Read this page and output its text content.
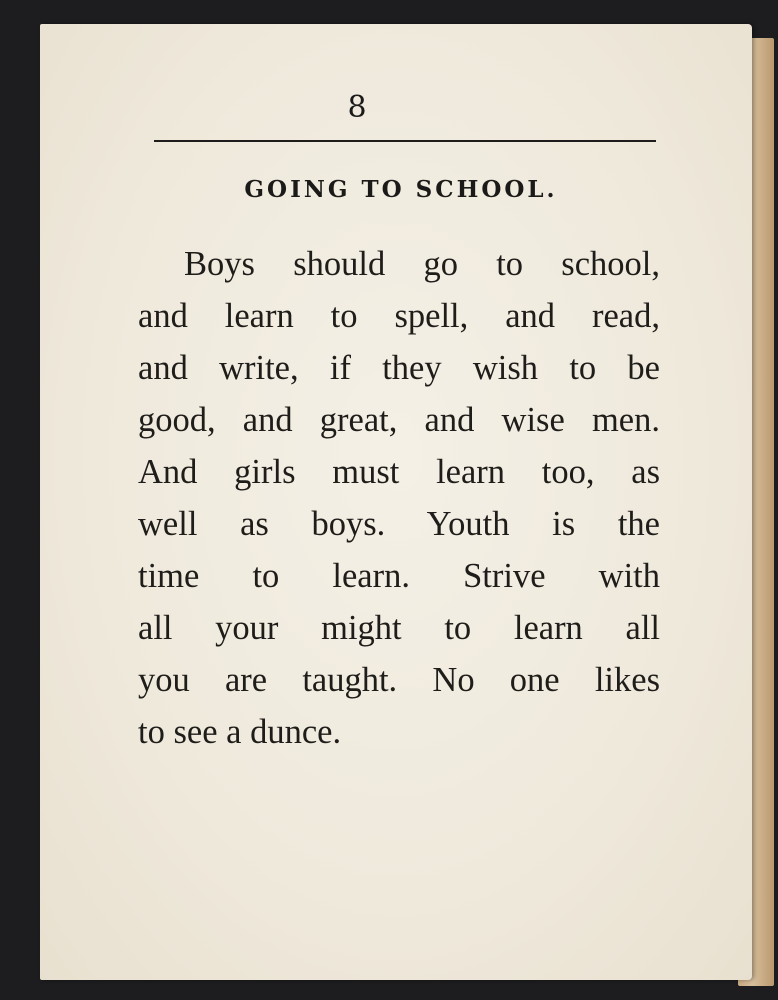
8
GOING TO SCHOOL.

Boys should go to school,
and learn to spell, and read,
and write, if they wish to be
good, and great, and wise men.
And girls must learn too, as
well as boys. Youth is the
time to learn. Strive with
all your might to learn all
you are taught. No one likes
to see a dunce.
